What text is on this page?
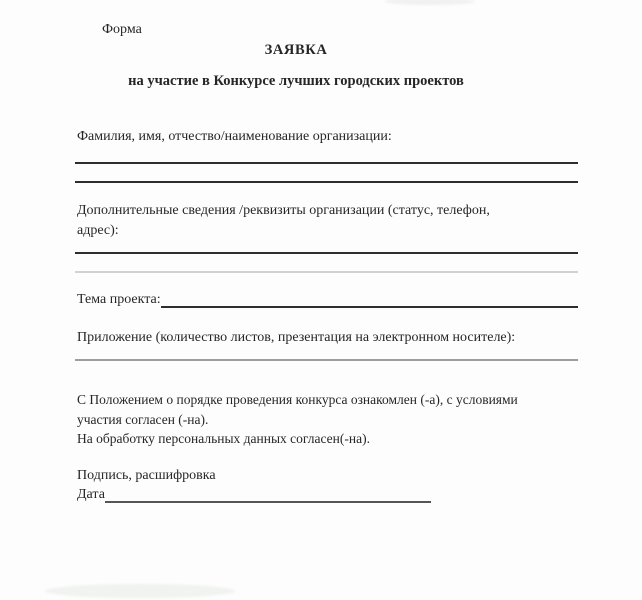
Форма
ЗАЯВКА
на участие в Конкурсе лучших городских проектов
Фамилия, имя, отчество/наименование организации:
Дополнительные сведения /реквизиты организации (статус, телефон,
адрес):
Тема проекта:
Приложение (количество листов, презентация на электронном носителе):
С Положением о порядке проведения конкурса ознакомлен (-а), с условиями
участия согласен (-на).
На обработку персональных данных согласен(-на).
Подпись, расшифровка
Дата
